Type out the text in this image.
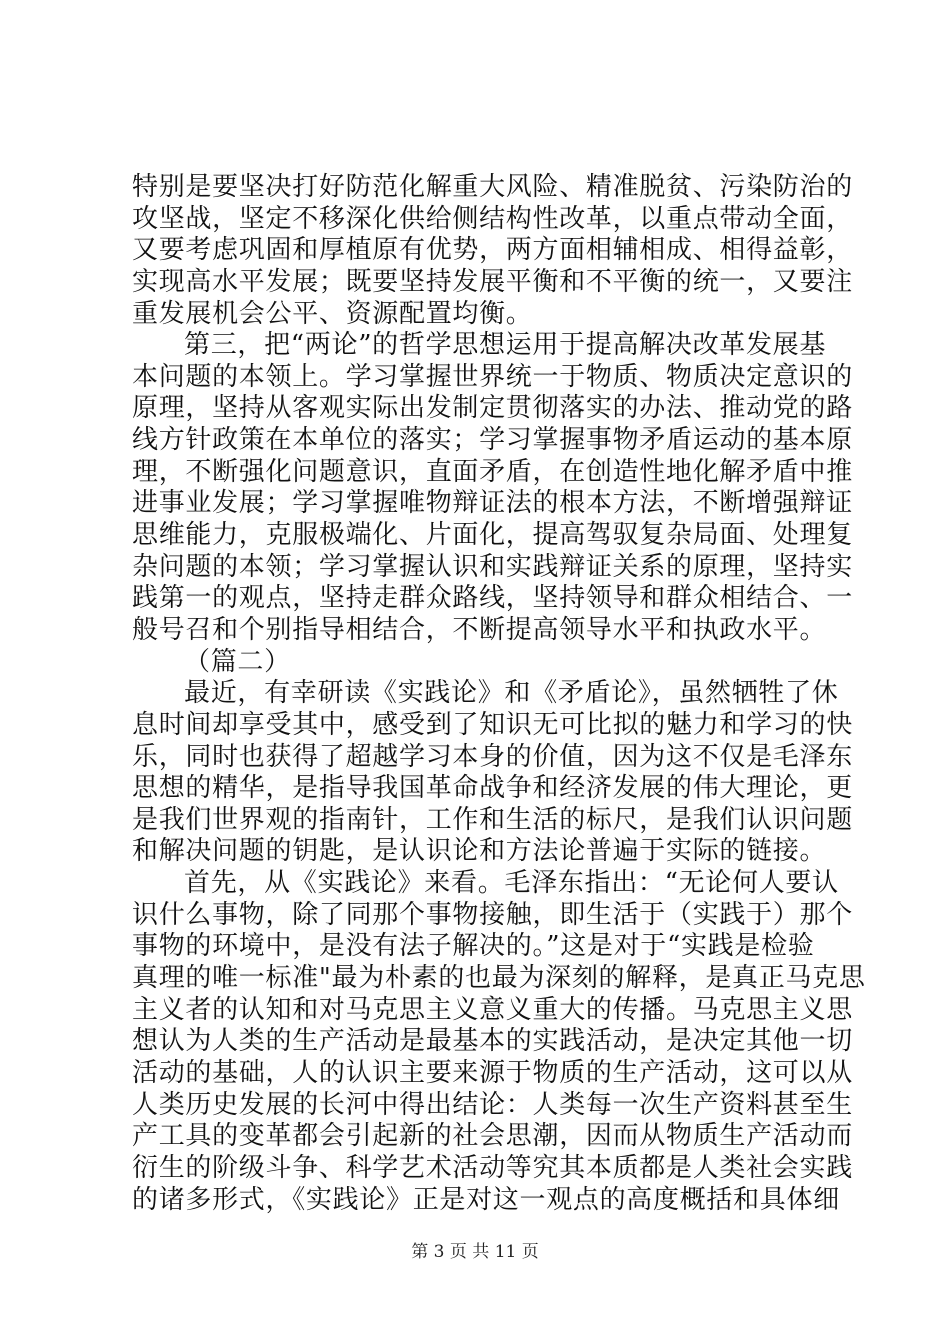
特别是要坚决打好防范化解重大风险、精准脱贫、污染防治的
攻坚战，坚定不移深化供给侧结构性改革，以重点带动全面，
又要考虑巩固和厚植原有优势，两方面相辅相成、相得益彰，
实现高水平发展；既要坚持发展平衡和不平衡的统一，又要注
重发展机会公平、资源配置均衡。
第三，把“两论”的哲学思想运用于提高解决改革发展基
本问题的本领上。学习掌握世界统一于物质、物质决定意识的
原理，坚持从客观实际出发制定贯彻落实的办法、推动党的路
线方针政策在本单位的落实；学习掌握事物矛盾运动的基本原
理，不断强化问题意识，直面矛盾，在创造性地化解矛盾中推
进事业发展；学习掌握唯物辩证法的根本方法，不断增强辩证
思维能力，克服极端化、片面化，提高驾驭复杂局面、处理复
杂问题的本领；学习掌握认识和实践辩证关系的原理，坚持实
践第一的观点，坚持走群众路线，坚持领导和群众相结合、一
般号召和个别指导相结合，不断提高领导水平和执政水平。
（篇二）
最近，有幸研读《实践论》和《矛盾论》，虽然牺牲了休
息时间却享受其中，感受到了知识无可比拟的魅力和学习的快
乐，同时也获得了超越学习本身的价值，因为这不仅是毛泽东
思想的精华，是指导我国革命战争和经济发展的伟大理论，更
是我们世界观的指南针，工作和生活的标尺，是我们认识问题
和解决问题的钥匙，是认识论和方法论普遍于实际的链接。
首先，从《实践论》来看。毛泽东指出：“无论何人要认
识什么事物，除了同那个事物接触，即生活于（实践于）那个
事物的环境中，是没有法子解决的。”这是对于“实践是检验
真理的唯一标准"最为朴素的也最为深刻的解释，是真正马克思
主义者的认知和对马克思主义意义重大的传播。马克思主义思
想认为人类的生产活动是最基本的实践活动，是决定其他一切
活动的基础，人的认识主要来源于物质的生产活动，这可以从
人类历史发展的长河中得出结论：人类每一次生产资料甚至生
产工具的变革都会引起新的社会思潮，因而从物质生产活动而
衍生的阶级斗争、科学艺术活动等究其本质都是人类社会实践
的诸多形式，《实践论》正是对这一观点的高度概括和具体细
第 3 页 共 11 页
